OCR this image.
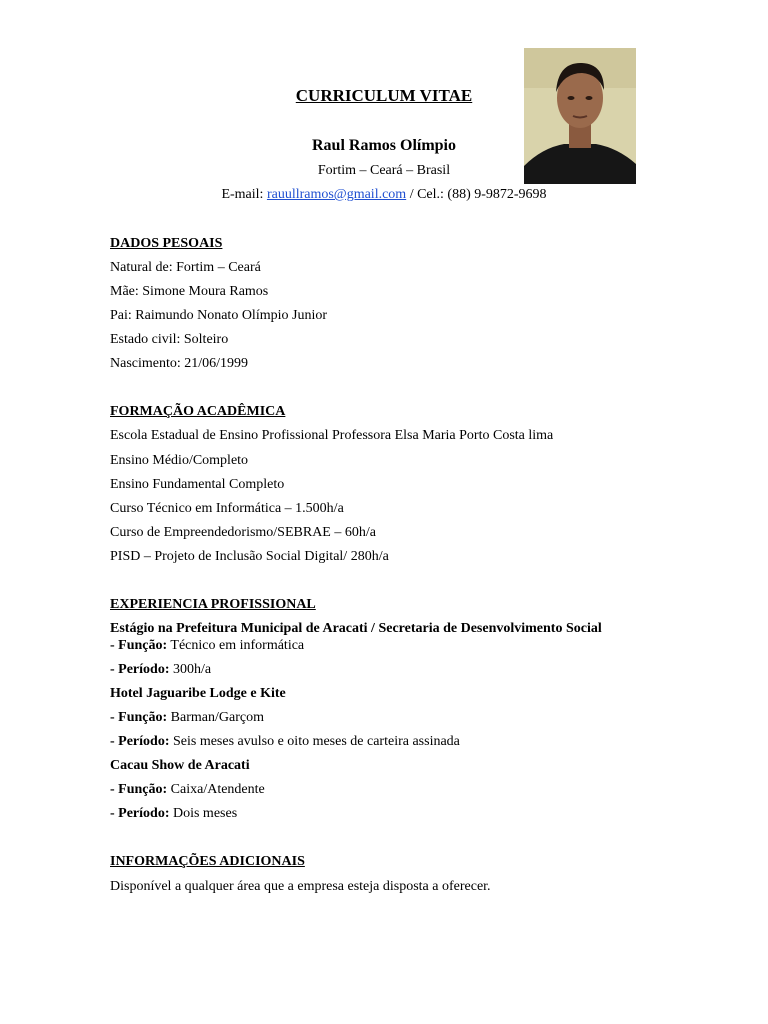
CURRICULUM VITAE
Raul Ramos Olímpio
Fortim – Ceará – Brasil
E-mail: rauullramos@gmail.com / Cel.: (88) 9-9872-9698
DADOS PESOAIS
Natural de: Fortim – Ceará
Mãe: Simone Moura Ramos
Pai: Raimundo Nonato Olímpio Junior
Estado civil: Solteiro
Nascimento: 21/06/1999
FORMAÇÃO ACADÊMICA
Escola Estadual de Ensino Profissional Professora Elsa Maria Porto Costa lima
Ensino Médio/Completo
Ensino Fundamental Completo
Curso Técnico em Informática – 1.500h/a
Curso de Empreendedorismo/SEBRAE – 60h/a
PISD – Projeto de Inclusão Social Digital/ 280h/a
EXPERIENCIA PROFISSIONAL
Estágio na Prefeitura Municipal de Aracati / Secretaria de Desenvolvimento Social
- Função: Técnico em informática
- Período: 300h/a
Hotel Jaguaribe Lodge e Kite
- Função: Barman/Garçom
- Período: Seis meses avulso e oito meses de carteira assinada
Cacau Show de Aracati
- Função: Caixa/Atendente
- Período: Dois meses
INFORMAÇÕES ADICIONAIS
Disponível a qualquer área que a empresa esteja disposta a oferecer.
